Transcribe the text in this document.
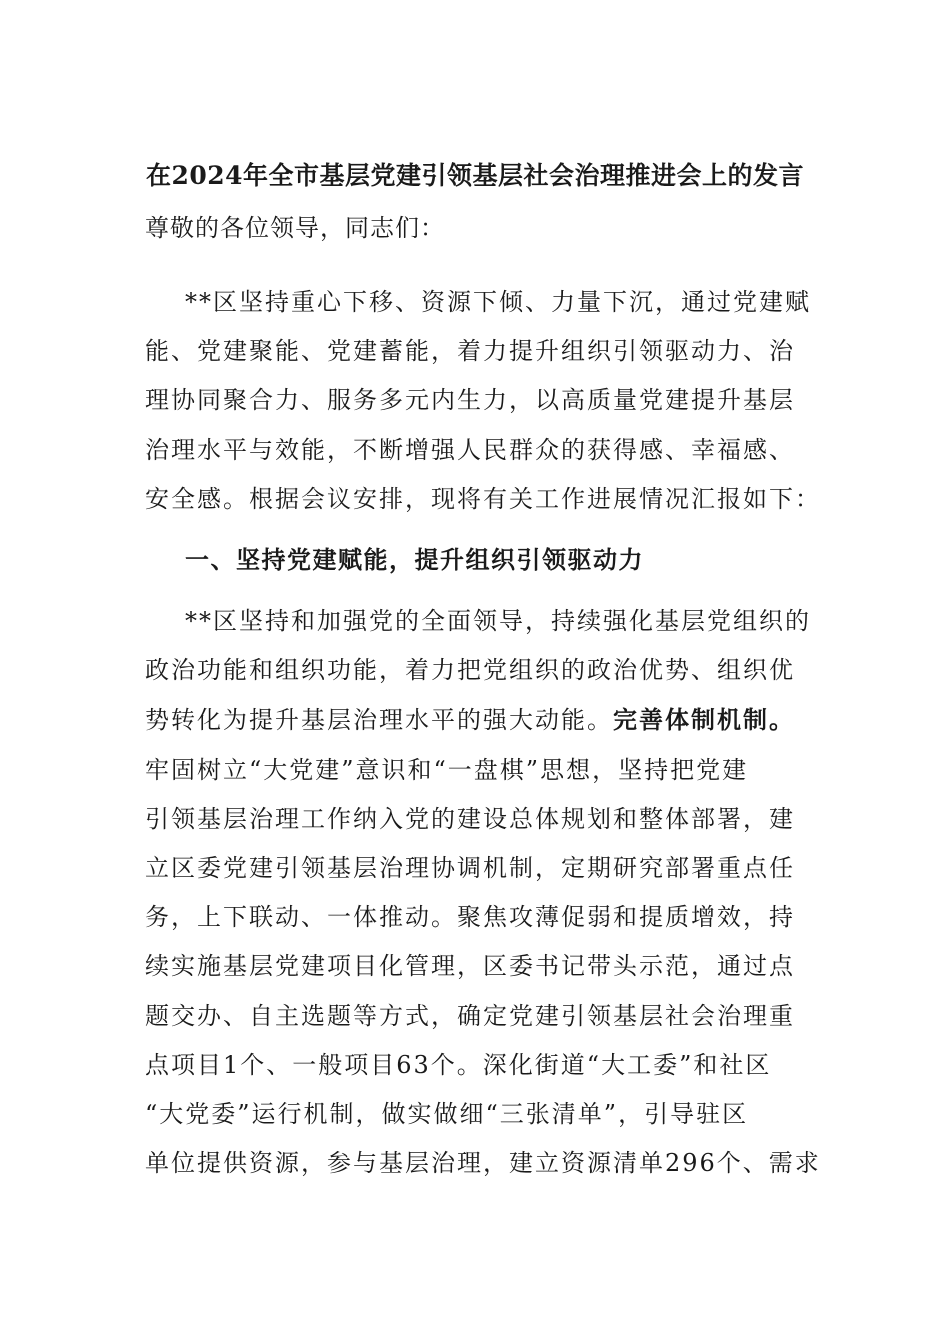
在2024年全市基层党建引领基层社会治理推进会上的发言
尊敬的各位领导，同志们：
**区坚持重心下移、资源下倾、力量下沉，通过党建赋
能、党建聚能、党建蓄能，着力提升组织引领驱动力、治
理协同聚合力、服务多元内生力，以高质量党建提升基层
治理水平与效能，不断增强人民群众的获得感、幸福感、
安全感。根据会议安排，现将有关工作进展情况汇报如下：
一、坚持党建赋能，提升组织引领驱动力
**区坚持和加强党的全面领导，持续强化基层党组织的
政治功能和组织功能，着力把党组织的政治优势、组织优
势转化为提升基层治理水平的强大动能。完善体制机制。
牢固树立“大党建”意识和“一盘棋”思想，坚持把党建
引领基层治理工作纳入党的建设总体规划和整体部署，建
立区委党建引领基层治理协调机制，定期研究部署重点任
务，上下联动、一体推动。聚焦攻薄促弱和提质增效，持
续实施基层党建项目化管理，区委书记带头示范，通过点
题交办、自主选题等方式，确定党建引领基层社会治理重
点项目1个、一般项目63个。深化街道“大工委”和社区
“大党委”运行机制，做实做细“三张清单”，引导驻区
单位提供资源，参与基层治理，建立资源清单296个、需求
